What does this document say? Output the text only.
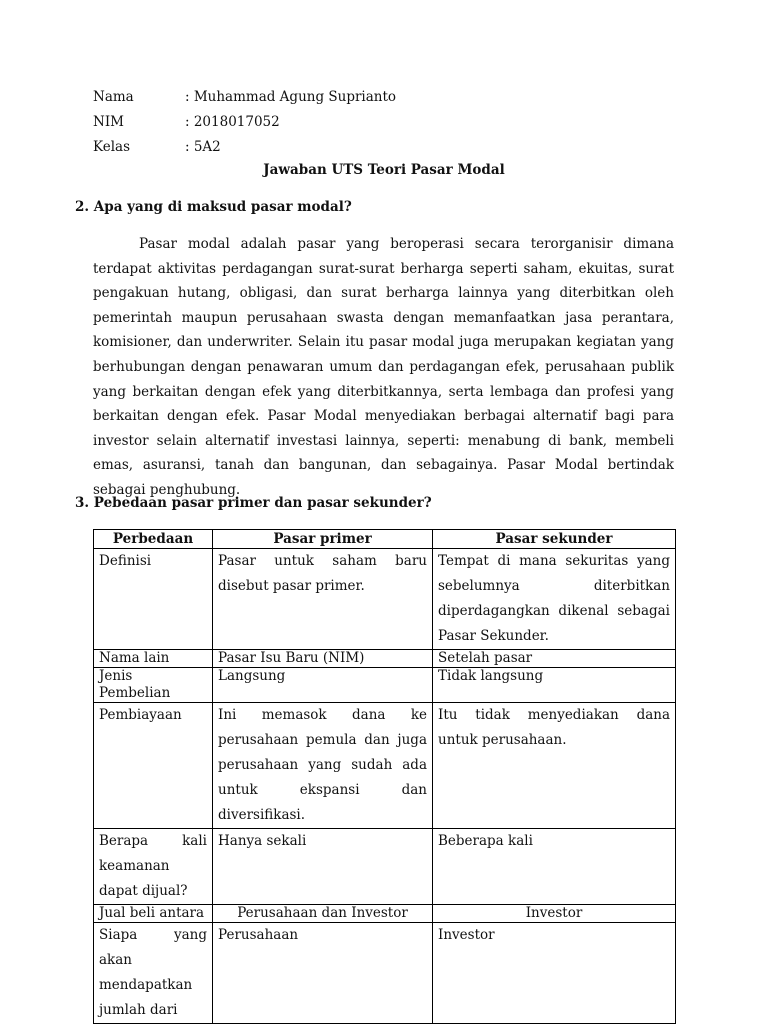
Nama	: Muhammad Agung Suprianto
NIM	: 2018017052
Kelas	: 5A2
Jawaban UTS Teori Pasar Modal
2. Apa yang di maksud pasar modal?
Pasar modal adalah pasar yang beroperasi secara terorganisir dimana terdapat aktivitas perdagangan surat-surat berharga seperti saham, ekuitas, surat pengakuan hutang, obligasi, dan surat berharga lainnya yang diterbitkan oleh pemerintah maupun perusahaan swasta dengan memanfaatkan jasa perantara, komisioner, dan underwriter. Selain itu pasar modal juga merupakan kegiatan yang berhubungan dengan penawaran umum dan perdagangan efek, perusahaan publik yang berkaitan dengan efek yang diterbitkannya, serta lembaga dan profesi yang berkaitan dengan efek. Pasar Modal menyediakan berbagai alternatif bagi para investor selain alternatif investasi lainnya, seperti: menabung di bank, membeli emas, asuransi, tanah dan bangunan, dan sebagainya. Pasar Modal bertindak sebagai penghubung.
3. Pebedaan pasar primer dan pasar sekunder?
Perbedaan	Pasar primer	Pasar sekunder
Definisi	Pasar untuk saham baru disebut pasar primer.	Tempat di mana sekuritas yang sebelumnya diterbitkan diperdagangkan dikenal sebagai Pasar Sekunder.
Nama lain	Pasar Isu Baru (NIM)	Setelah pasar
Jenis Pembelian	Langsung	Tidak langsung
Pembiayaan	Ini memasok dana ke perusahaan pemula dan juga perusahaan yang sudah ada untuk ekspansi dan diversifikasi.	Itu tidak menyediakan dana untuk perusahaan.
Berapa kali keamanan dapat dijual?	Hanya sekali	Beberapa kali
Jual beli antara	Perusahaan dan Investor	Investor
Siapa yang akan mendapatkan jumlah dari	Perusahaan	Investor
